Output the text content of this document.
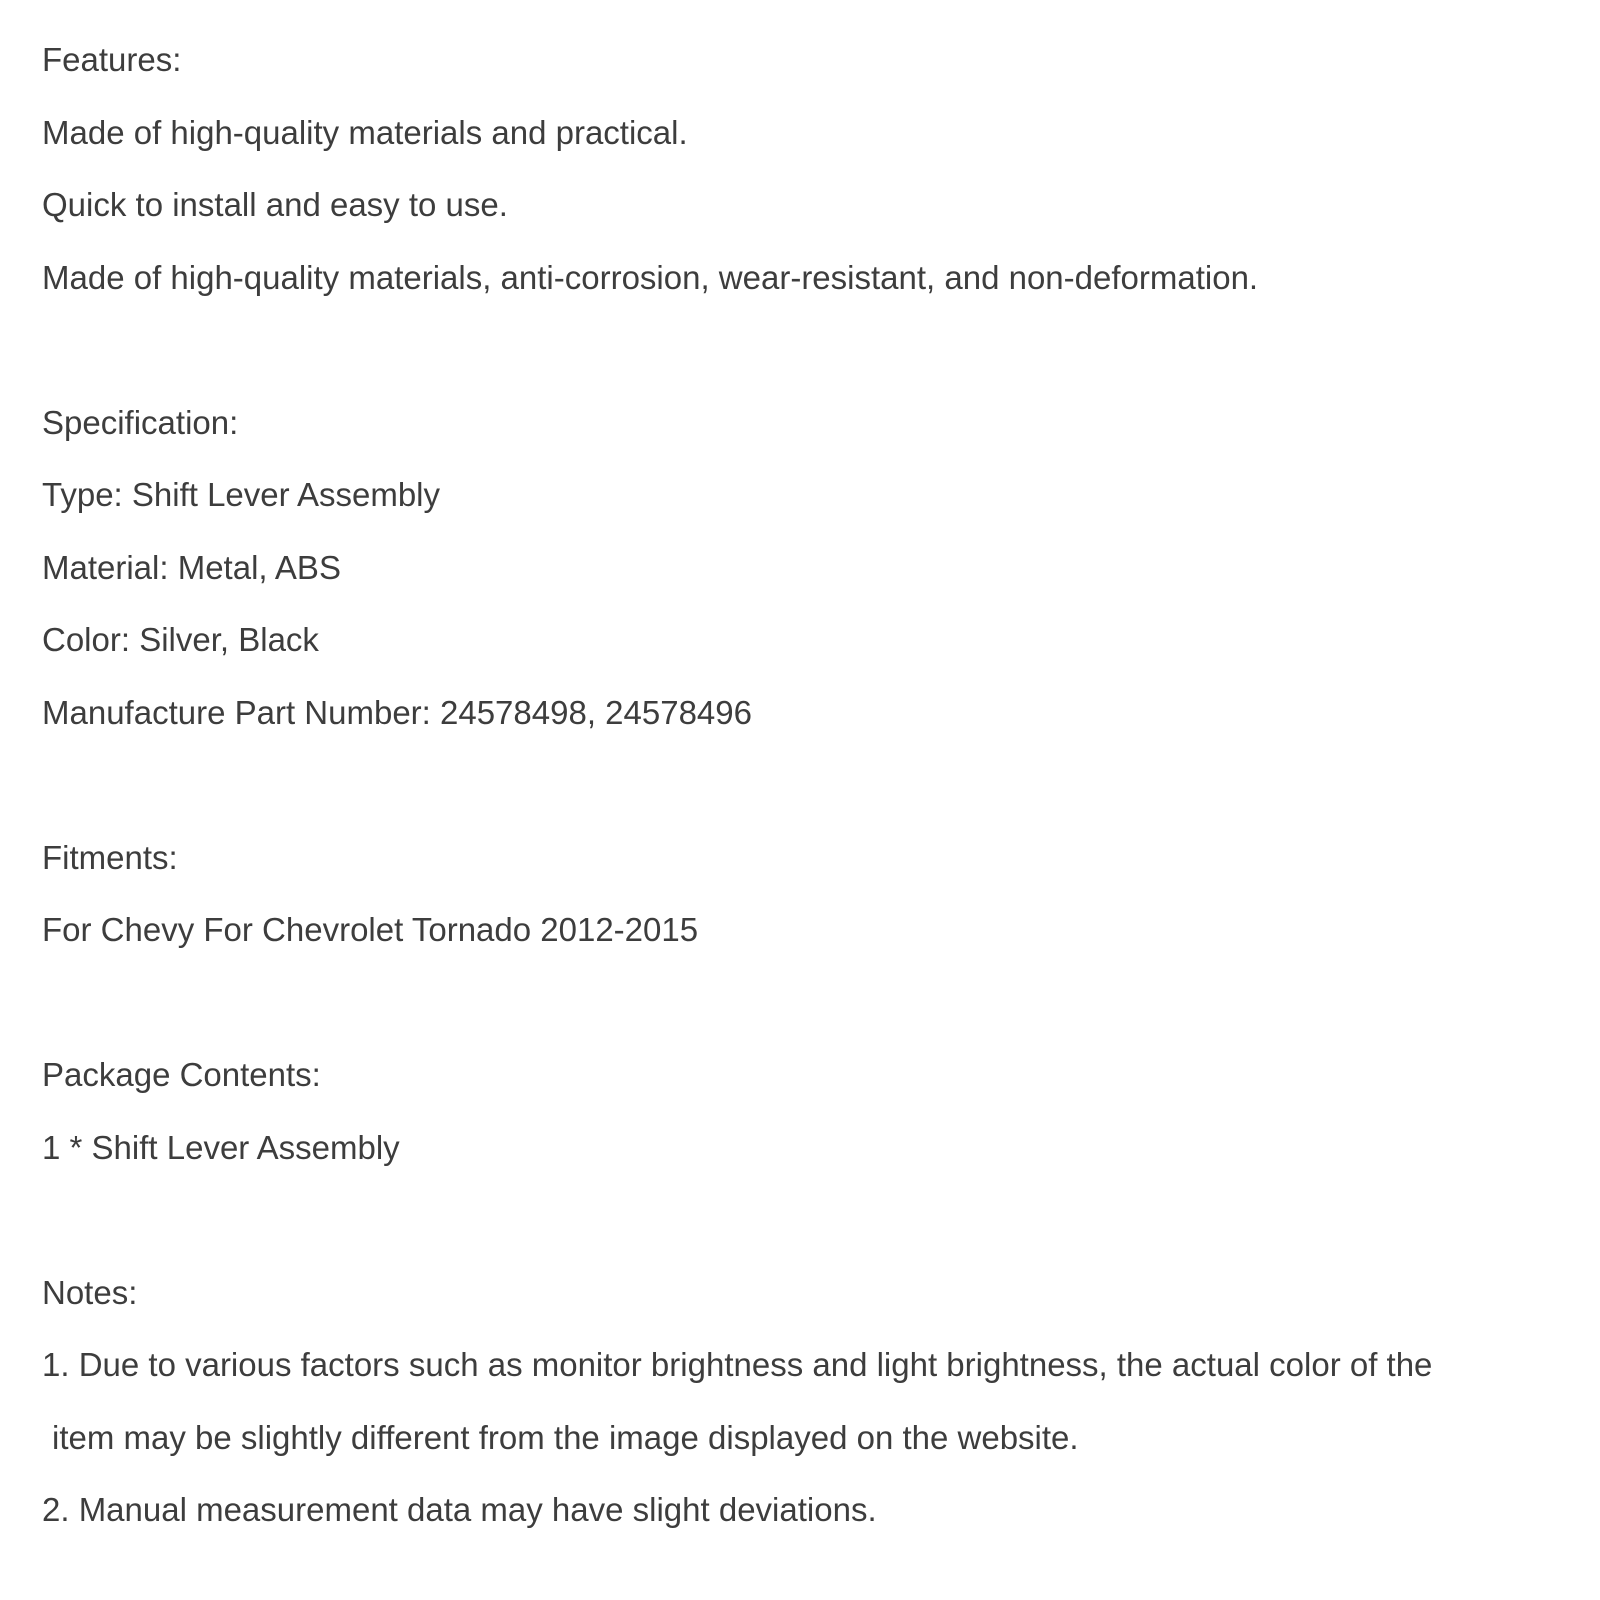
Features:
Made of high-quality materials and practical.
Quick to install and easy to use.
Made of high-quality materials, anti-corrosion, wear-resistant, and non-deformation.
Specification:
Type: Shift Lever Assembly
Material: Metal, ABS
Color: Silver, Black
Manufacture Part Number: 24578498, 24578496
Fitments:
For Chevy For Chevrolet Tornado 2012-2015
Package Contents:
1 * Shift Lever Assembly
Notes:
1. Due to various factors such as monitor brightness and light brightness, the actual color of the
item may be slightly different from the image displayed on the website.
2. Manual measurement data may have slight deviations.
